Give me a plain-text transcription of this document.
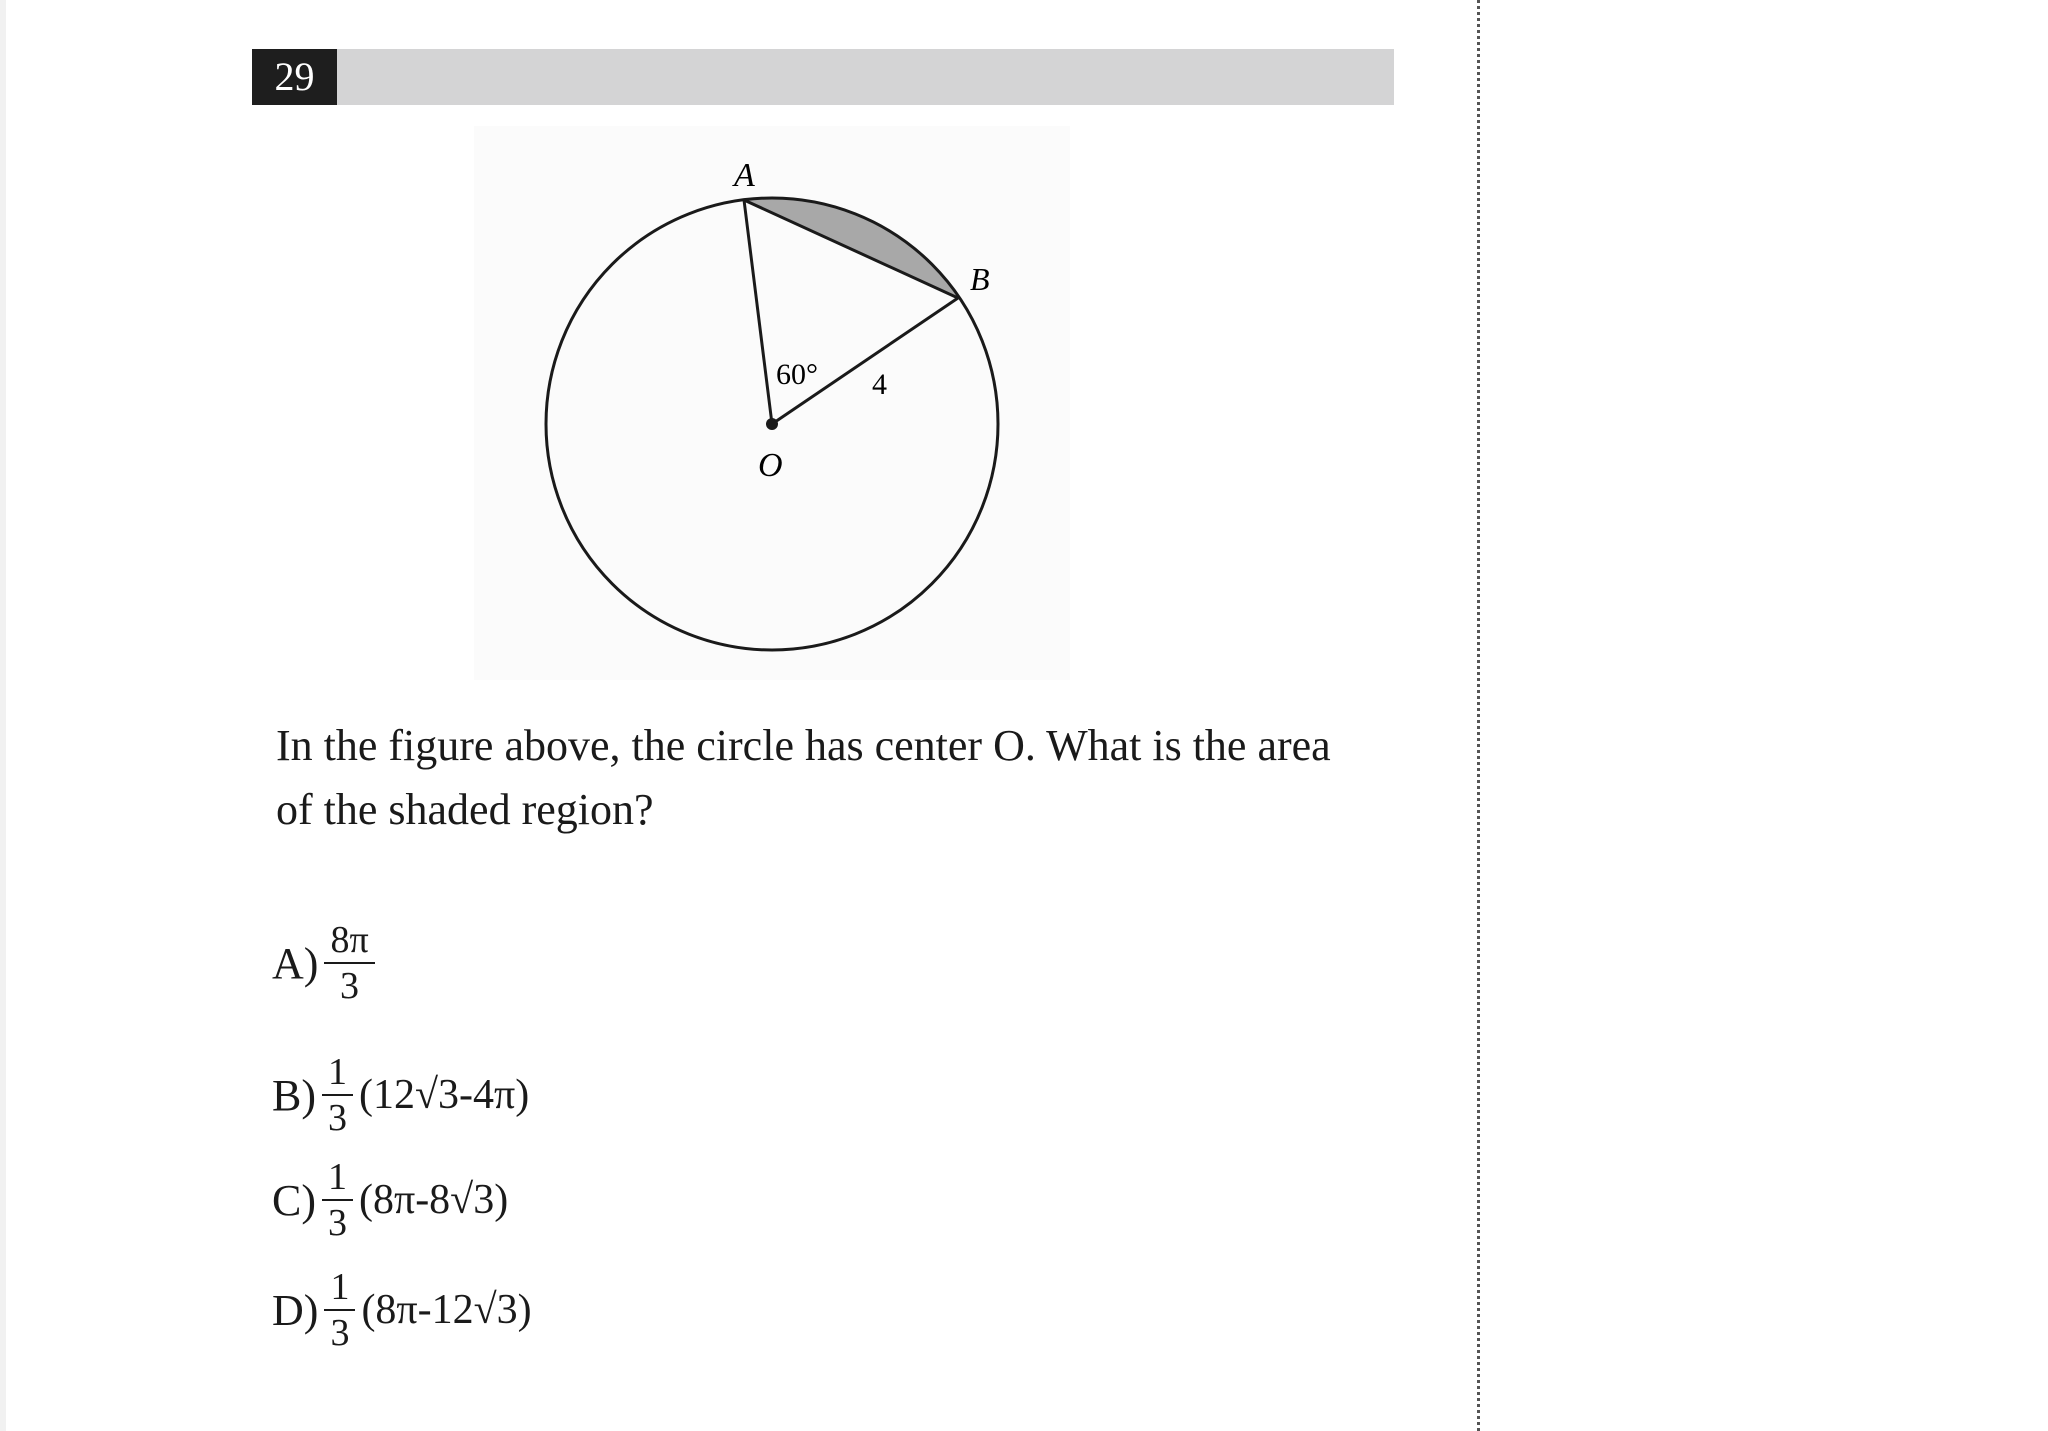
29
A
B
O
60° 4
In the figure above, the circle has center O. What is the area of the shaded region?
$A) \frac{8\pi}{3}$
$B) \frac{1}{3} (12√3-4\pi)$
$C) \frac{1}{3} (8\pi-8√3)$
$D) \frac{1}{3} (8\pi-12√3)$
